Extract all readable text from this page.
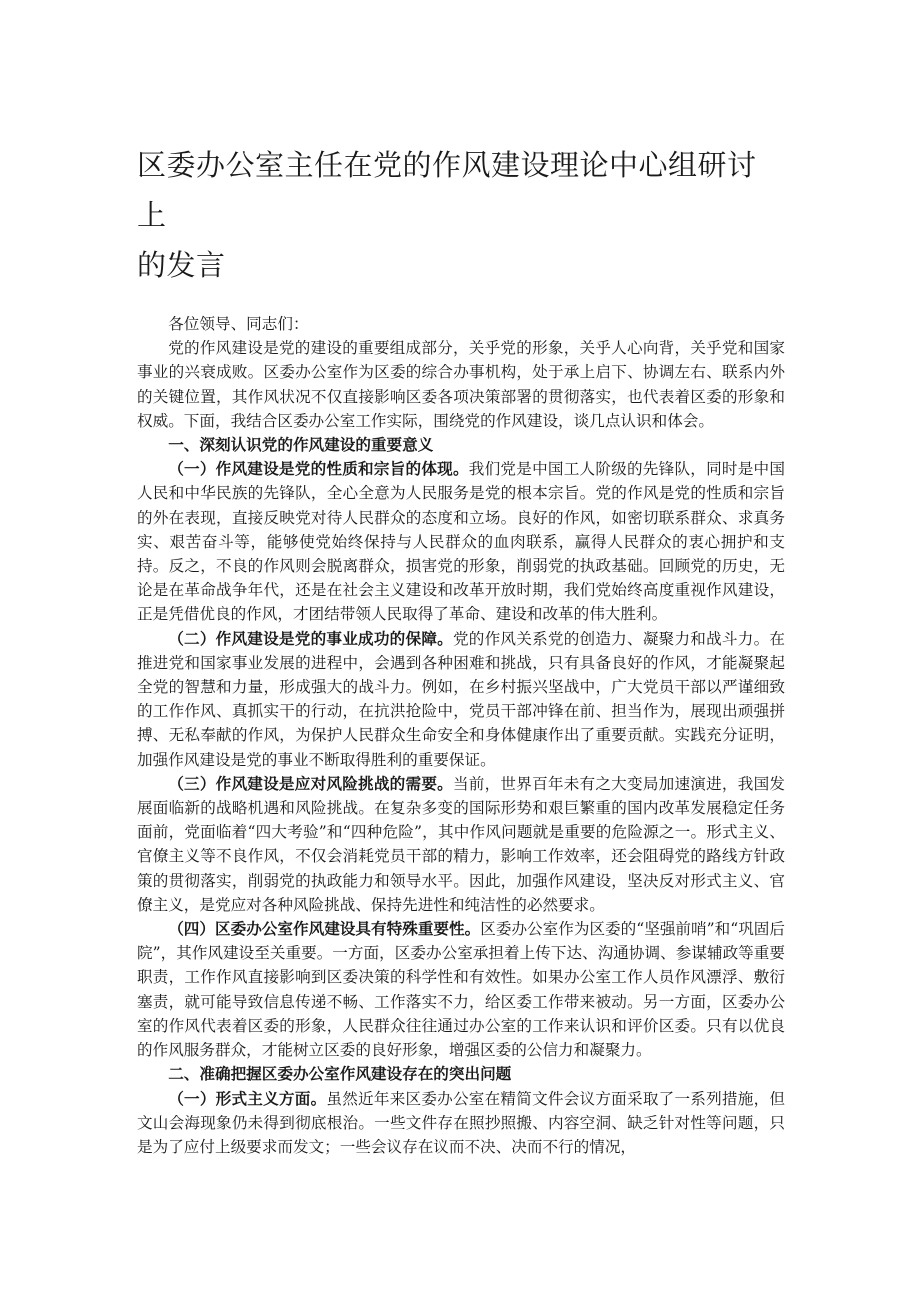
区委办公室主任在党的作风建设理论中心组研讨上
的发言

各位领导、同志们：

党的作风建设是党的建设的重要组成部分，关乎党的形象，关乎人心向背，关乎党和国家事业的兴衰成败。区委办公室作为区委的综合办事机构，处于承上启下、协调左右、联系内外的关键位置，其作风状况不仅直接影响区委各项决策部署的贯彻落实，也代表着区委的形象和权威。下面，我结合区委办公室工作实际，围绕党的作风建设，谈几点认识和体会。

一、深刻认识党的作风建设的重要意义

（一）作风建设是党的性质和宗旨的体现。我们党是中国工人阶级的先锋队，同时是中国人民和中华民族的先锋队，全心全意为人民服务是党的根本宗旨。党的作风是党的性质和宗旨的外在表现，直接反映党对待人民群众的态度和立场。良好的作风，如密切联系群众、求真务实、艰苦奋斗等，能够使党始终保持与人民群众的血肉联系，赢得人民群众的衷心拥护和支持。反之，不良的作风则会脱离群众，损害党的形象，削弱党的执政基础。回顾党的历史，无论是在革命战争年代，还是在社会主义建设和改革开放时期，我们党始终高度重视作风建设，正是凭借优良的作风，才团结带领人民取得了革命、建设和改革的伟大胜利。

（二）作风建设是党的事业成功的保障。党的作风关系党的创造力、凝聚力和战斗力。在推进党和国家事业发展的进程中，会遇到各种困难和挑战，只有具备良好的作风，才能凝聚起全党的智慧和力量，形成强大的战斗力。例如，在乡村振兴坚战中，广大党员干部以严谨细致的工作作风、真抓实干的行动，在抗洪抢险中，党员干部冲锋在前、担当作为，展现出顽强拼搏、无私奉献的作风，为保护人民群众生命安全和身体健康作出了重要贡献。实践充分证明，加强作风建设是党的事业不断取得胜利的重要保证。

（三）作风建设是应对风险挑战的需要。当前，世界百年未有之大变局加速演进，我国发展面临新的战略机遇和风险挑战。在复杂多变的国际形势和艰巨繁重的国内改革发展稳定任务面前，党面临着“四大考验”和“四种危险”，其中作风问题就是重要的危险源之一。形式主义、官僚主义等不良作风，不仅会消耗党员干部的精力，影响工作效率，还会阻碍党的路线方针政策的贯彻落实，削弱党的执政能力和领导水平。因此，加强作风建设，坚决反对形式主义、官僚主义，是党应对各种风险挑战、保持先进性和纯洁性的必然要求。

（四）区委办公室作风建设具有特殊重要性。区委办公室作为区委的“坚强前哨”和“巩固后院”，其作风建设至关重要。一方面，区委办公室承担着上传下达、沟通协调、参谋辅政等重要职责，工作作风直接影响到区委决策的科学性和有效性。如果办公室工作人员作风漂浮、敷衍塞责，就可能导致信息传递不畅、工作落实不力，给区委工作带来被动。另一方面，区委办公室的作风代表着区委的形象，人民群众往往通过办公室的工作来认识和评价区委。只有以优良的作风服务群众，才能树立区委的良好形象，增强区委的公信力和凝聚力。

二、准确把握区委办公室作风建设存在的突出问题

（一）形式主义方面。虽然近年来区委办公室在精简文件会议方面采取了一系列措施，但文山会海现象仍未得到彻底根治。一些文件存在照抄照搬、内容空洞、缺乏针对性等问题，只是为了应付上级要求而发文；一些会议存在议而不决、决而不行的情况，
